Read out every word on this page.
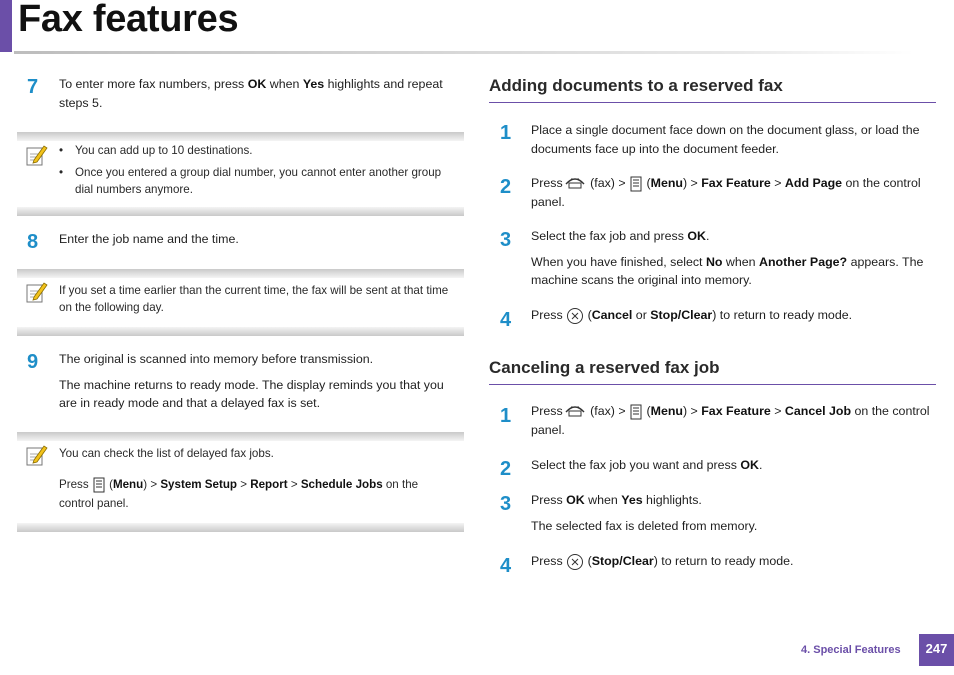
Fax features
7 To enter more fax numbers, press OK when Yes highlights and repeat
steps 5.
• You can add up to 10 destinations.
• Once you entered a group dial number, you cannot enter another group
dial numbers anymore.
8 Enter the job name and the time.
If you set a time earlier than the current time, the fax will be sent at that time
on the following day.
9 The original is scanned into memory before transmission.
The machine returns to ready mode. The display reminds you that you
are in ready mode and that a delayed fax is set.
You can check the list of delayed fax jobs.
Press  (Menu) > System Setup > Report > Schedule Jobs on the
control panel.
Adding documents to a reserved fax
1 Place a single document face down on the document glass, or load the
documents face up into the document feeder.
2 Press (fax) >  (Menu) > Fax Feature > Add Page on the control
panel.
3 Select the fax job and press OK.
When you have finished, select No when Another Page? appears. The
machine scans the original into memory.
4 Press  (Cancel or Stop/Clear) to return to ready mode.
Canceling a reserved fax job
1 Press (fax) >  (Menu) > Fax Feature > Cancel Job on the control
panel.
2 Select the fax job you want and press OK.
3 Press OK when Yes highlights.
The selected fax is deleted from memory.
4 Press  (Stop/Clear) to return to ready mode.
4. Special Features	247
